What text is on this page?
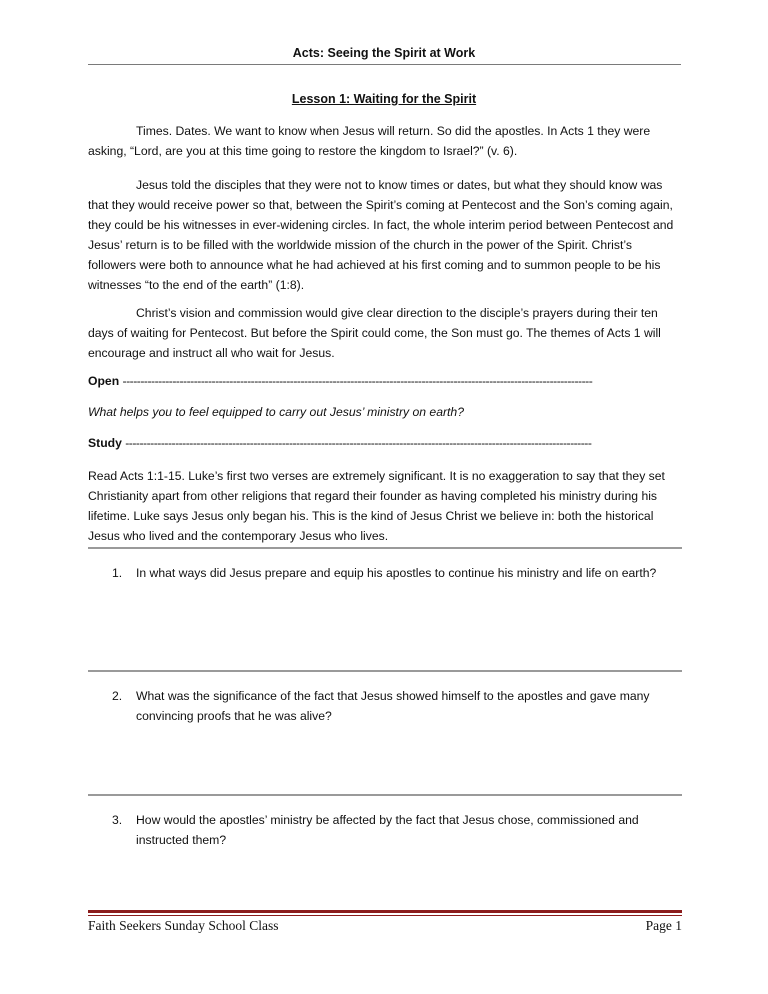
Acts: Seeing the Spirit at Work
Lesson 1: Waiting for the Spirit

Times. Dates. We want to know when Jesus will return. So did the apostles. In Acts 1 they were asking, “Lord, are you at this time going to restore the kingdom to Israel?” (v. 6).

Jesus told the disciples that they were not to know times or dates, but what they should know was that they would receive power so that, between the Spirit’s coming at Pentecost and the Son’s coming again, they could be his witnesses in ever-widening circles. In fact, the whole interim period between Pentecost and Jesus’ return is to be filled with the worldwide mission of the church in the power of the Spirit. Christ’s followers were both to announce what he had achieved at his first coming and to summon people to be his witnesses “to the end of the earth” (1:8).

Christ’s vision and commission would give clear direction to the disciple’s prayers during their ten days of waiting for Pentecost. But before the Spirit could come, the Son must go. The themes of Acts 1 will encourage and instruct all who wait for Jesus.

Open ------------------------------------------------------------------------------------------------------------------------------------
What helps you to feel equipped to carry out Jesus’ ministry on earth?
Study -----------------------------------------------------------------------------------------------------------------------------------
Read Acts 1:1-15. Luke’s first two verses are extremely significant. It is no exaggeration to say that they set Christianity apart from other religions that regard their founder as having completed his ministry during his lifetime. Luke says Jesus only began his. This is the kind of Jesus Christ we believe in: both the historical Jesus who lived and the contemporary Jesus who lives.
1.	In what ways did Jesus prepare and equip his apostles to continue his ministry and life on earth?
2.	What was the significance of the fact that Jesus showed himself to the apostles and gave many convincing proofs that he was alive?
3.	How would the apostles’ ministry be affected by the fact that Jesus chose, commissioned and instructed them?
Faith Seekers Sunday School Class	Page 1
